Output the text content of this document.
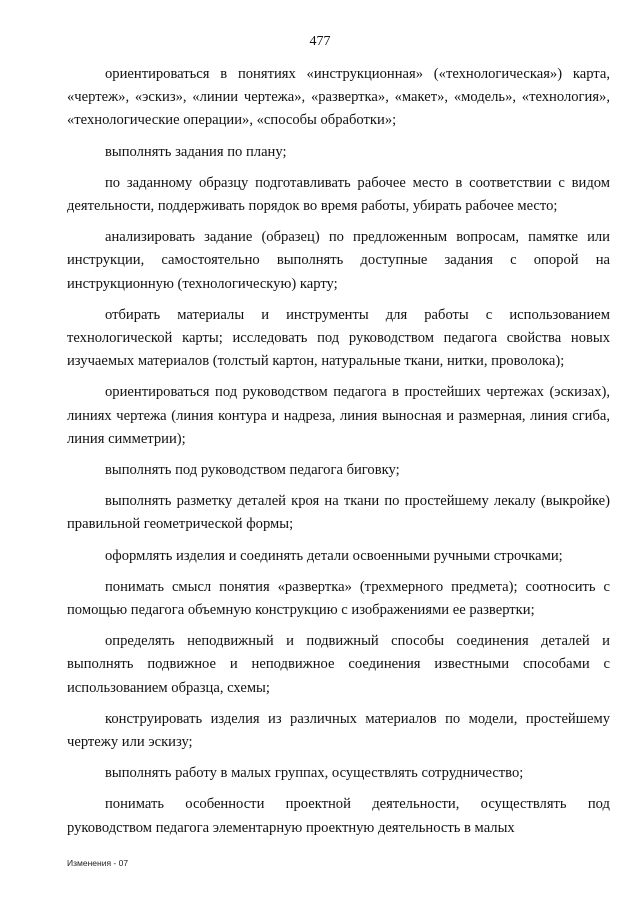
477

ориентироваться в понятиях «инструкционная» («технологическая») карта, «чертеж», «эскиз», «линии чертежа», «развертка», «макет», «модель», «технология», «технологические операции», «способы обработки»;

выполнять задания по плану;

по заданному образцу подготавливать рабочее место в соответствии с видом деятельности, поддерживать порядок во время работы, убирать рабочее место;

анализировать задание (образец) по предложенным вопросам, памятке или инструкции, самостоятельно выполнять доступные задания с опорой на инструкционную (технологическую) карту;

отбирать материалы и инструменты для работы с использованием технологической карты; исследовать под руководством педагога свойства новых изучаемых материалов (толстый картон, натуральные ткани, нитки, проволока);

ориентироваться под руководством педагога в простейших чертежах (эскизах), линиях чертежа (линия контура и надреза, линия выносная и размерная, линия сгиба, линия симметрии);

выполнять под руководством педагога биговку;

выполнять разметку деталей кроя на ткани по простейшему лекалу (выкройке) правильной геометрической формы;

оформлять изделия и соединять детали освоенными ручными строчками;

понимать смысл понятия «развертка» (трехмерного предмета); соотносить с помощью педагога объемную конструкцию с изображениями ее развертки;

определять неподвижный и подвижный способы соединения деталей и выполнять подвижное и неподвижное соединения известными способами с использованием образца, схемы;

конструировать изделия из различных материалов по модели, простейшему чертежу или эскизу;

выполнять работу в малых группах, осуществлять сотрудничество;

понимать особенности проектной деятельности, осуществлять под руководством педагога элементарную проектную деятельность в малых

Изменения - 07
